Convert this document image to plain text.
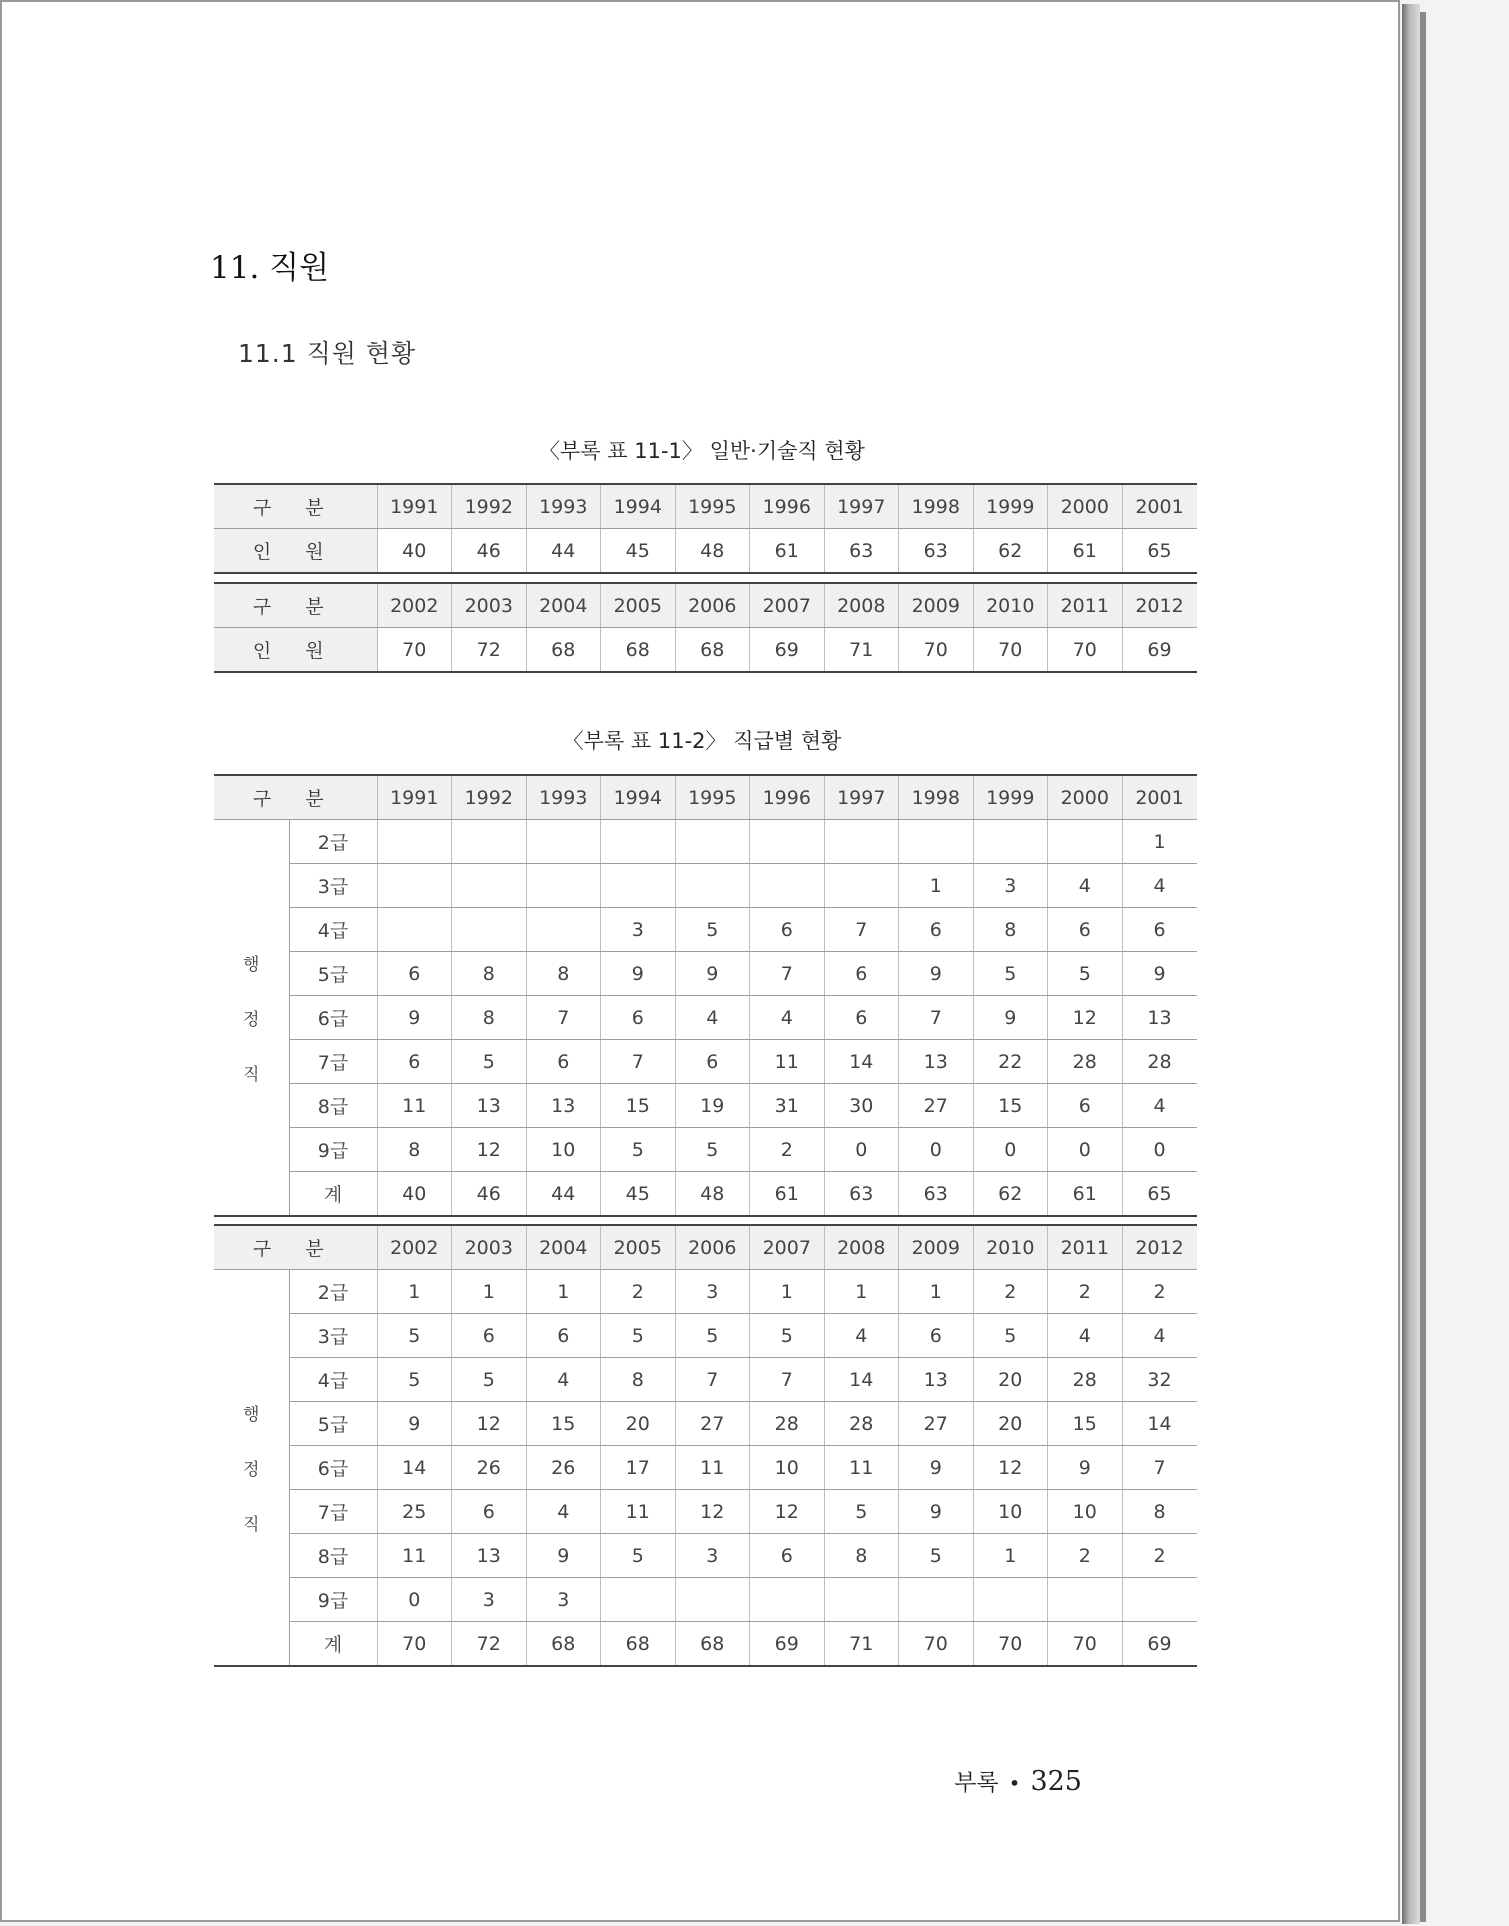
11. 직원
11.1 직원 현황
〈부록 표 11-1〉 일반·기술직 현황
구 분	1991	1992	1993	1994	1995	1996	1997	1998	1999	2000	2001
인 원	40	46	44	45	48	61	63	63	62	61	65
구 분	2002	2003	2004	2005	2006	2007	2008	2009	2010	2011	2012
인 원	70	72	68	68	68	69	71	70	70	70	69
〈부록 표 11-2〉 직급별 현황
구 분		1991	1992	1993	1994	1995	1996	1997	1998	1999	2000	2001

행
정
직	2급											1
	3급								1	3	4	4
	4급				3	5	6	7	6	8	6	6
	5급	6	8	8	9	9	7	6	9	5	5	9
	6급	9	8	7	6	4	4	6	7	9	12	13
	7급	6	5	6	7	6	11	14	13	22	28	28
	8급	11	13	13	15	19	31	30	27	15	6	4
	9급	8	12	10	5	5	2	0	0	0	0	0
	계	40	46	44	45	48	61	63	63	62	61	65
구 분		2002	2003	2004	2005	2006	2007	2008	2009	2010	2011	2012

행
정
직	2급	1	1	1	2	3	1	1	1	2	2	2
	3급	5	6	6	5	5	5	4	6	5	4	4
	4급	5	5	4	8	7	7	14	13	20	28	32
	5급	9	12	15	20	27	28	28	27	20	15	14
	6급	14	26	26	17	11	10	11	9	12	9	7
	7급	25	6	4	11	12	12	5	9	10	10	8
	8급	11	13	9	5	3	6	8	5	1	2	2
	9급	0	3	3								
	계	70	72	68	68	68	69	71	70	70	70	69
부록 • 325
